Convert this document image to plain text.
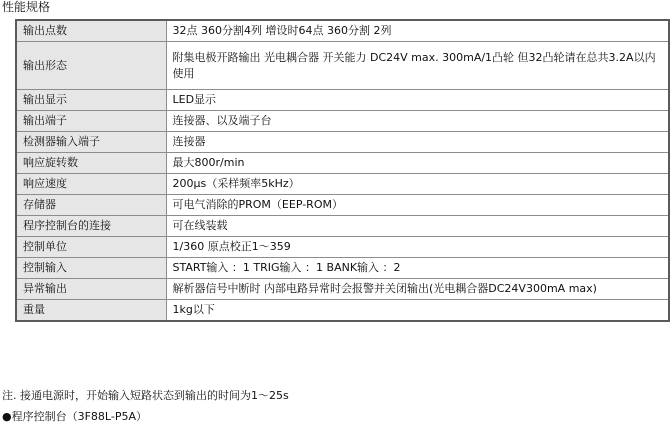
性能规格
输出点数	32点 360分割4列 增设时64点 360分割 2列
输出形态	附集电极开路输出 光电耦合器 开关能力 DC24V max. 300mA/1凸轮 但32凸轮请在总共3.2A以内使用
输出显示	LED显示
输出端子	连接器、以及端子台
检测器输入端子	连接器
响应旋转数	最大800r/min
响应速度	200μs（采样频率5kHz）
存储器	可电气消除的PROM（EEP-ROM）
程序控制台的连接	可在线装载
控制单位	1/360 原点校正1～359
控制输入	START输入 ：1 TRIG输入 ：1 BANK输入 ：2
异常输出	解析器信号中断时 内部电路异常时会报警并关闭输出(光电耦合器DC24V300mA max)
重量	1kg以下
注. 接通电源时，开始输入短路状态到输出的时间为1～25s
●程序控制台（3F88L-P5A）
